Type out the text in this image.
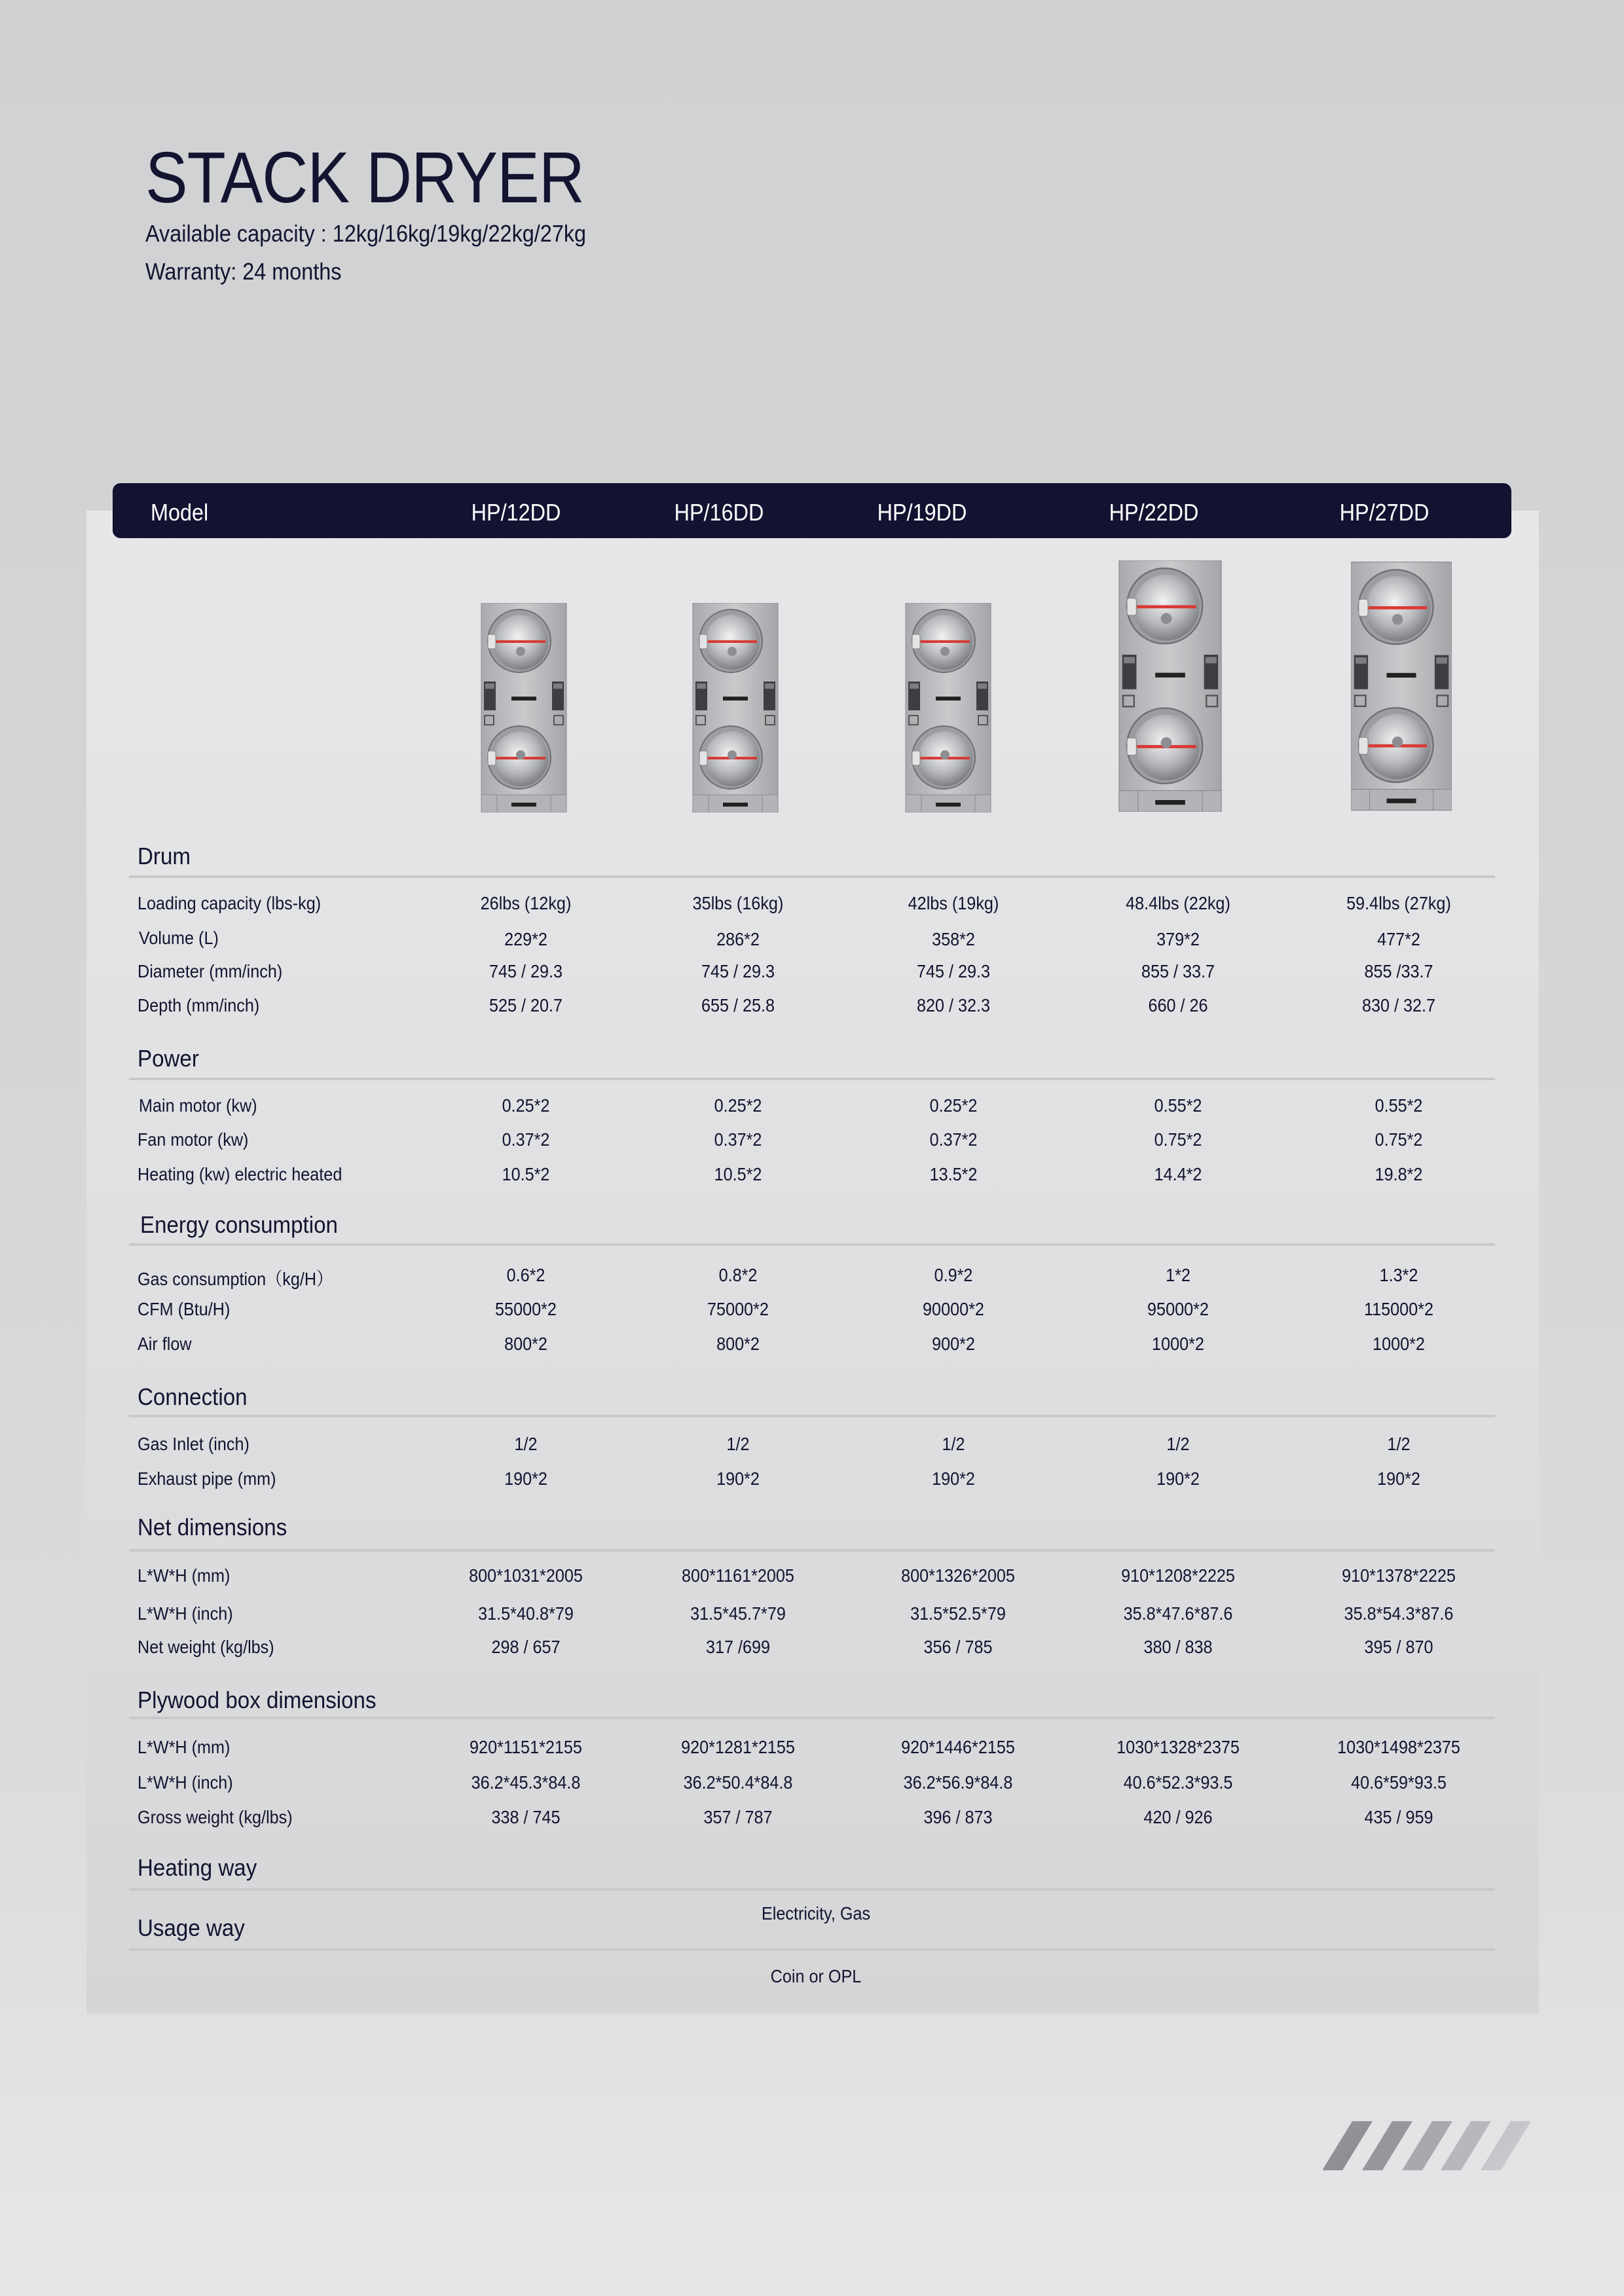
STACK DRYER
Available capacity : 12kg/16kg/19kg/22kg/27kg
Warranty: 24 months
Model	HP/12DD	HP/16DD	HP/19DD	HP/22DD	HP/27DD
Drum
Loading capacity (lbs-kg)	26lbs (12kg)	35lbs (16kg)	42lbs (19kg)	48.4lbs (22kg)	59.4lbs (27kg)
Volume (L)	229*2	286*2	358*2	379*2	477*2
Diameter (mm/inch)	745 / 29.3	745 / 29.3	745 / 29.3	855 / 33.7	855 /33.7
Depth (mm/inch)	525 / 20.7	655 / 25.8	820 / 32.3	660 / 26	830 / 32.7
Power
Main motor (kw)	0.25*2	0.25*2	0.25*2	0.55*2	0.55*2
Fan motor (kw)	0.37*2	0.37*2	0.37*2	0.75*2	0.75*2
Heating (kw) electric heated	10.5*2	10.5*2	13.5*2	14.4*2	19.8*2
Energy consumption
Gas consumption（kg/H）	0.6*2	0.8*2	0.9*2	1*2	1.3*2
CFM (Btu/H)	55000*2	75000*2	90000*2	95000*2	115000*2
Air flow	800*2	800*2	900*2	1000*2	1000*2
Connection
Gas Inlet (inch)	1/2	1/2	1/2	1/2	1/2
Exhaust pipe (mm)	190*2	190*2	190*2	190*2	190*2
Net dimensions
L*W*H (mm)	800*1031*2005	800*1161*2005	800*1326*2005	910*1208*2225	910*1378*2225
L*W*H (inch)	31.5*40.8*79	31.5*45.7*79	31.5*52.5*79	35.8*47.6*87.6	35.8*54.3*87.6
Net weight (kg/lbs)	298 / 657	317 /699	356 / 785	380 / 838	395 / 870
Plywood box dimensions
L*W*H (mm)	920*1151*2155	920*1281*2155	920*1446*2155	1030*1328*2375	1030*1498*2375
L*W*H (inch)	36.2*45.3*84.8	36.2*50.4*84.8	36.2*56.9*84.8	40.6*52.3*93.5	40.6*59*93.5
Gross weight (kg/lbs)	338 / 745	357 / 787	396 / 873	420 / 926	435 / 959
Heating way
Electricity, Gas
Usage way
Coin or OPL
